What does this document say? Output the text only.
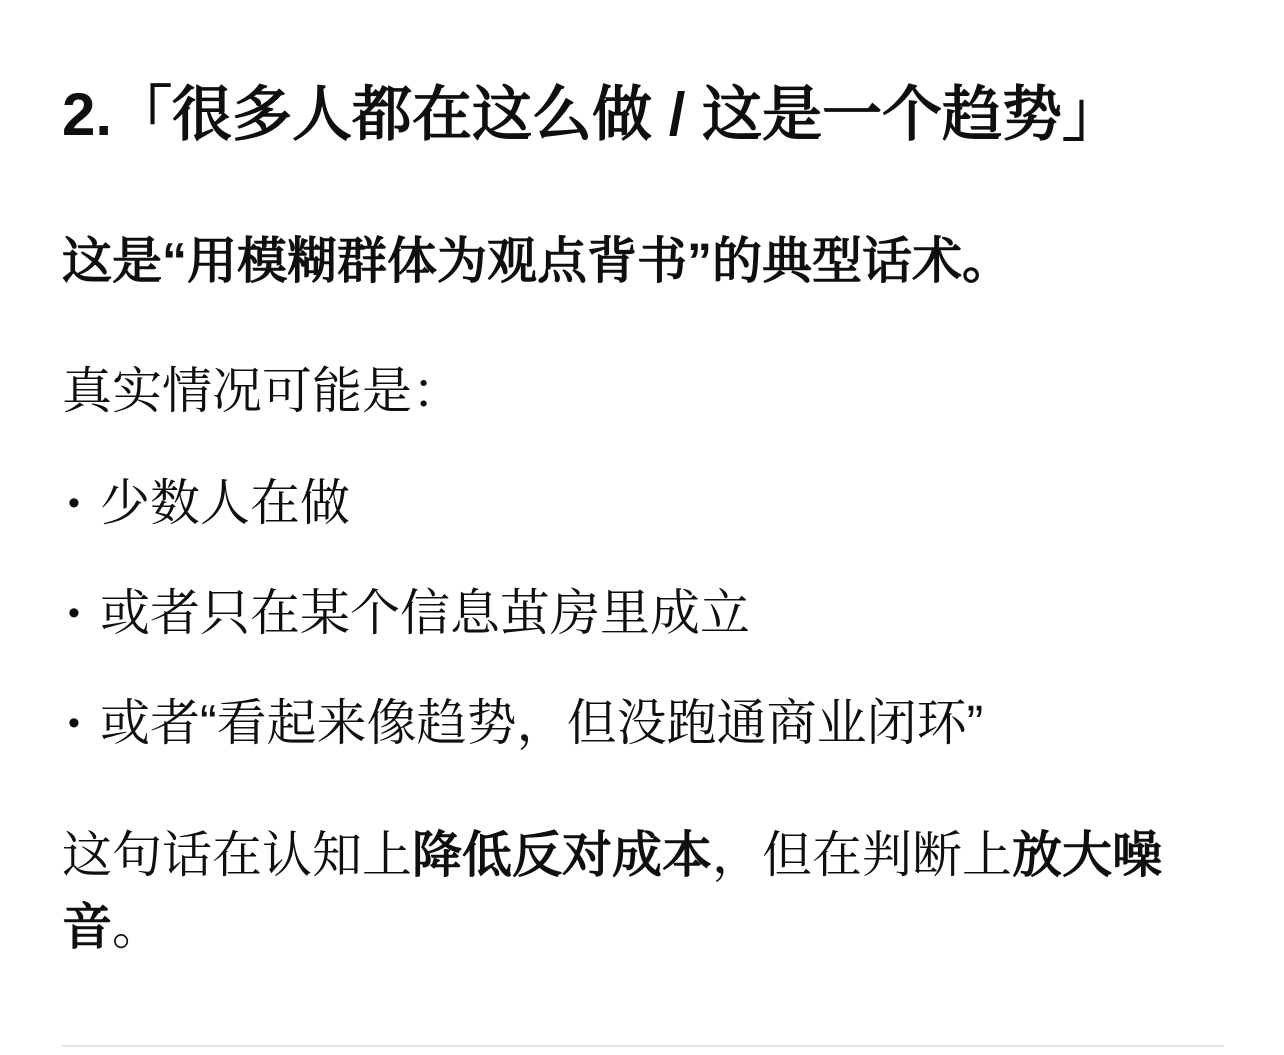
2.「很多人都在这么做 / 这是一个趋势」

这是“用模糊群体为观点背书”的典型话术。

真实情况可能是：

• 少数人在做
• 或者只在某个信息茧房里成立
• 或者“看起来像趋势，但没跑通商业闭环”

这句话在认知上降低反对成本，但在判断上放大噪音。
